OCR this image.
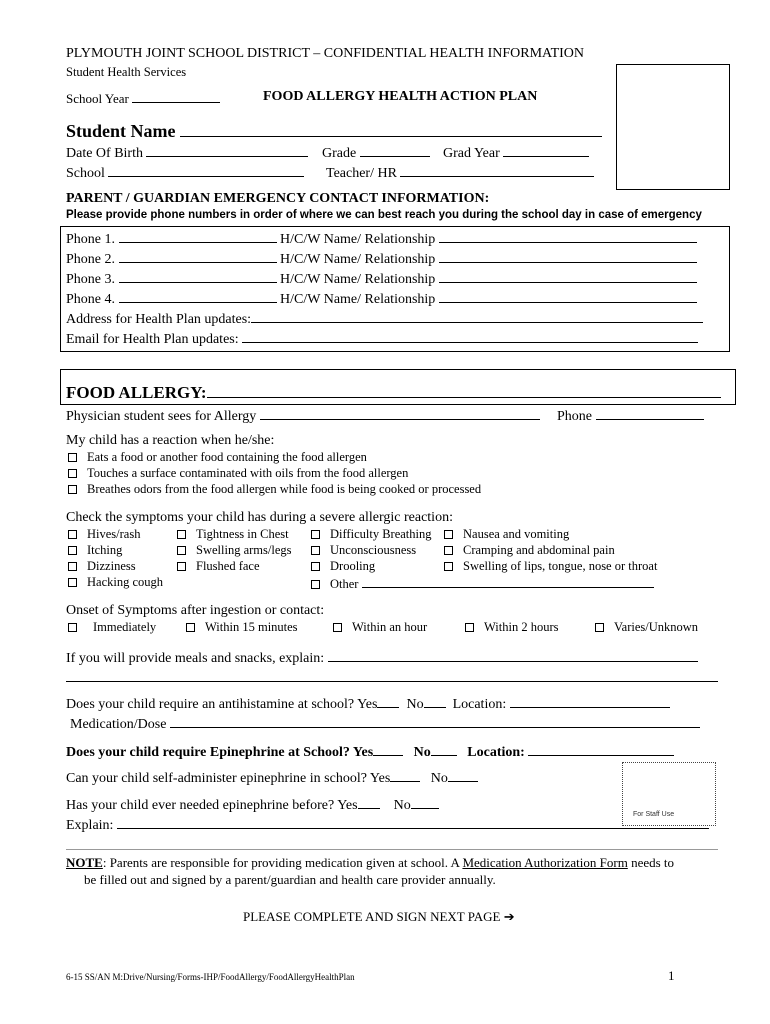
PLYMOUTH JOINT SCHOOL DISTRICT – CONFIDENTIAL HEALTH INFORMATION
Student Health Services
School Year	FOOD ALLERGY HEALTH ACTION PLAN
Student Name
Date Of Birth	Grade	Grad Year
School	Teacher/ HR
PARENT / GUARDIAN EMERGENCY CONTACT INFORMATION:
Please provide phone numbers in order of where we can best reach you during the school day in case of emergency
Phone 1.	H/C/W Name/ Relationship
Phone 2.	H/C/W Name/ Relationship
Phone 3.	H/C/W Name/ Relationship
Phone 4.	H/C/W Name/ Relationship
Address for Health Plan updates:
Email for Health Plan updates:
FOOD ALLERGY:
Physician student sees for Allergy	Phone
My child has a reaction when he/she:
Eats a food or another food containing the food allergen
Touches a surface contaminated with oils from the food allergen
Breathes odors from the food allergen while food is being cooked or processed
Check the symptoms your child has during a severe allergic reaction:
Hives/rash
Itching
Dizziness
Hacking cough
Tightness in Chest
Swelling arms/legs
Flushed face
Difficulty Breathing
Unconsciousness
Drooling
Other
Nausea and vomiting
Cramping and abdominal pain
Swelling of lips, tongue, nose or throat
Onset of Symptoms after ingestion or contact:
Immediately	Within 15 minutes	Within an hour	Within 2 hours	Varies/Unknown
If you will provide meals and snacks, explain:
Does your child require an antihistamine at school? Yes No Location:
Medication/Dose
Does your child require Epinephrine at School? Yes	No	Location:
Can your child self-administer epinephrine in school? Yes	No
Has your child ever needed epinephrine before? Yes	No
For Staff Use
Explain:
NOTE: Parents are responsible for providing medication given at school. A Medication Authorization Form needs to
be filled out and signed by a parent/guardian and health care provider annually.
PLEASE COMPLETE AND SIGN NEXT PAGE ➔
6-15 SS/AN M:Drive/Nursing/Forms-IHP/FoodAllergy/FoodAllergyHealthPlan	1
